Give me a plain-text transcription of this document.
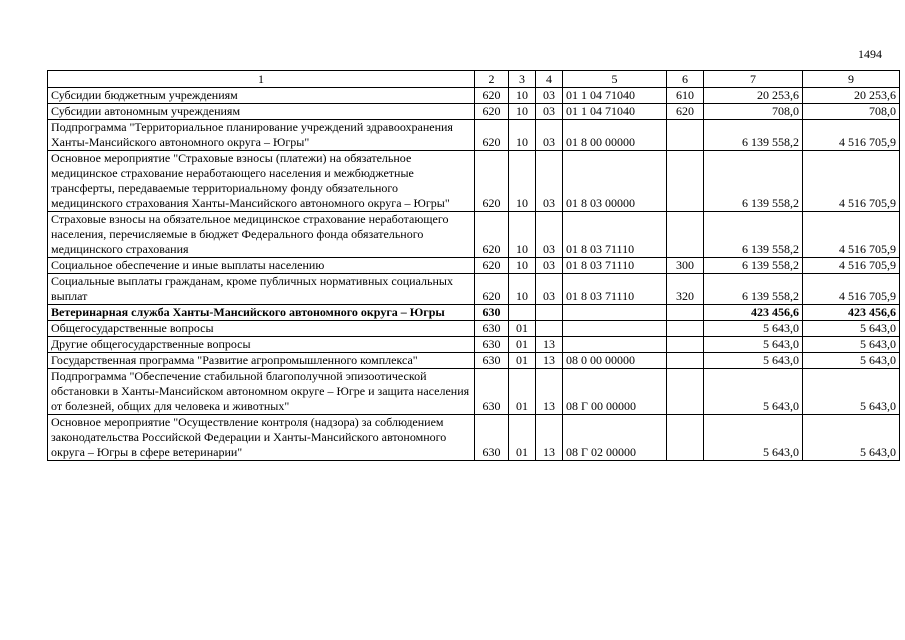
1494
1	2	3	4	5	6	7	9
Субсидии бюджетным учреждениям	620	10	03	01 1 04 71040	610	20 253,6	20 253,6
Субсидии автономным учреждениям	620	10	03	01 1 04 71040	620	708,0	708,0
Подпрограмма "Территориальное планирование учреждений здравоохранения Ханты-Мансийского автономного округа – Югры"	620	10	03	01 8 00 00000		6 139 558,2	4 516 705,9
Основное мероприятие "Страховые взносы (платежи) на обязательное медицинское страхование неработающего населения и межбюджетные трансферты, передаваемые территориальному фонду обязательного медицинского страхования Ханты-Мансийского автономного округа – Югры"	620	10	03	01 8 03 00000		6 139 558,2	4 516 705,9
Страховые взносы на обязательное медицинское страхование неработающего населения, перечисляемые в бюджет Федерального фонда обязательного медицинского страхования	620	10	03	01 8 03 71110		6 139 558,2	4 516 705,9
Социальное обеспечение и иные выплаты населению	620	10	03	01 8 03 71110	300	6 139 558,2	4 516 705,9
Социальные выплаты гражданам, кроме публичных нормативных социальных выплат	620	10	03	01 8 03 71110	320	6 139 558,2	4 516 705,9
Ветеринарная служба Ханты-Мансийского автономного округа – Югры	630					423 456,6	423 456,6
Общегосударственные вопросы	630	01				5 643,0	5 643,0
Другие общегосударственные вопросы	630	01	13			5 643,0	5 643,0
Государственная программа "Развитие агропромышленного комплекса"	630	01	13	08 0 00 00000		5 643,0	5 643,0
Подпрограмма "Обеспечение стабильной благополучной эпизоотической обстановки в Ханты-Мансийском автономном округе – Югре и защита населения от болезней, общих для человека и животных"	630	01	13	08 Г 00 00000		5 643,0	5 643,0
Основное мероприятие "Осуществление контроля (надзора) за соблюдением законодательства Российской Федерации и Ханты-Мансийского автономного округа – Югры в сфере ветеринарии"	630	01	13	08 Г 02 00000		5 643,0	5 643,0
